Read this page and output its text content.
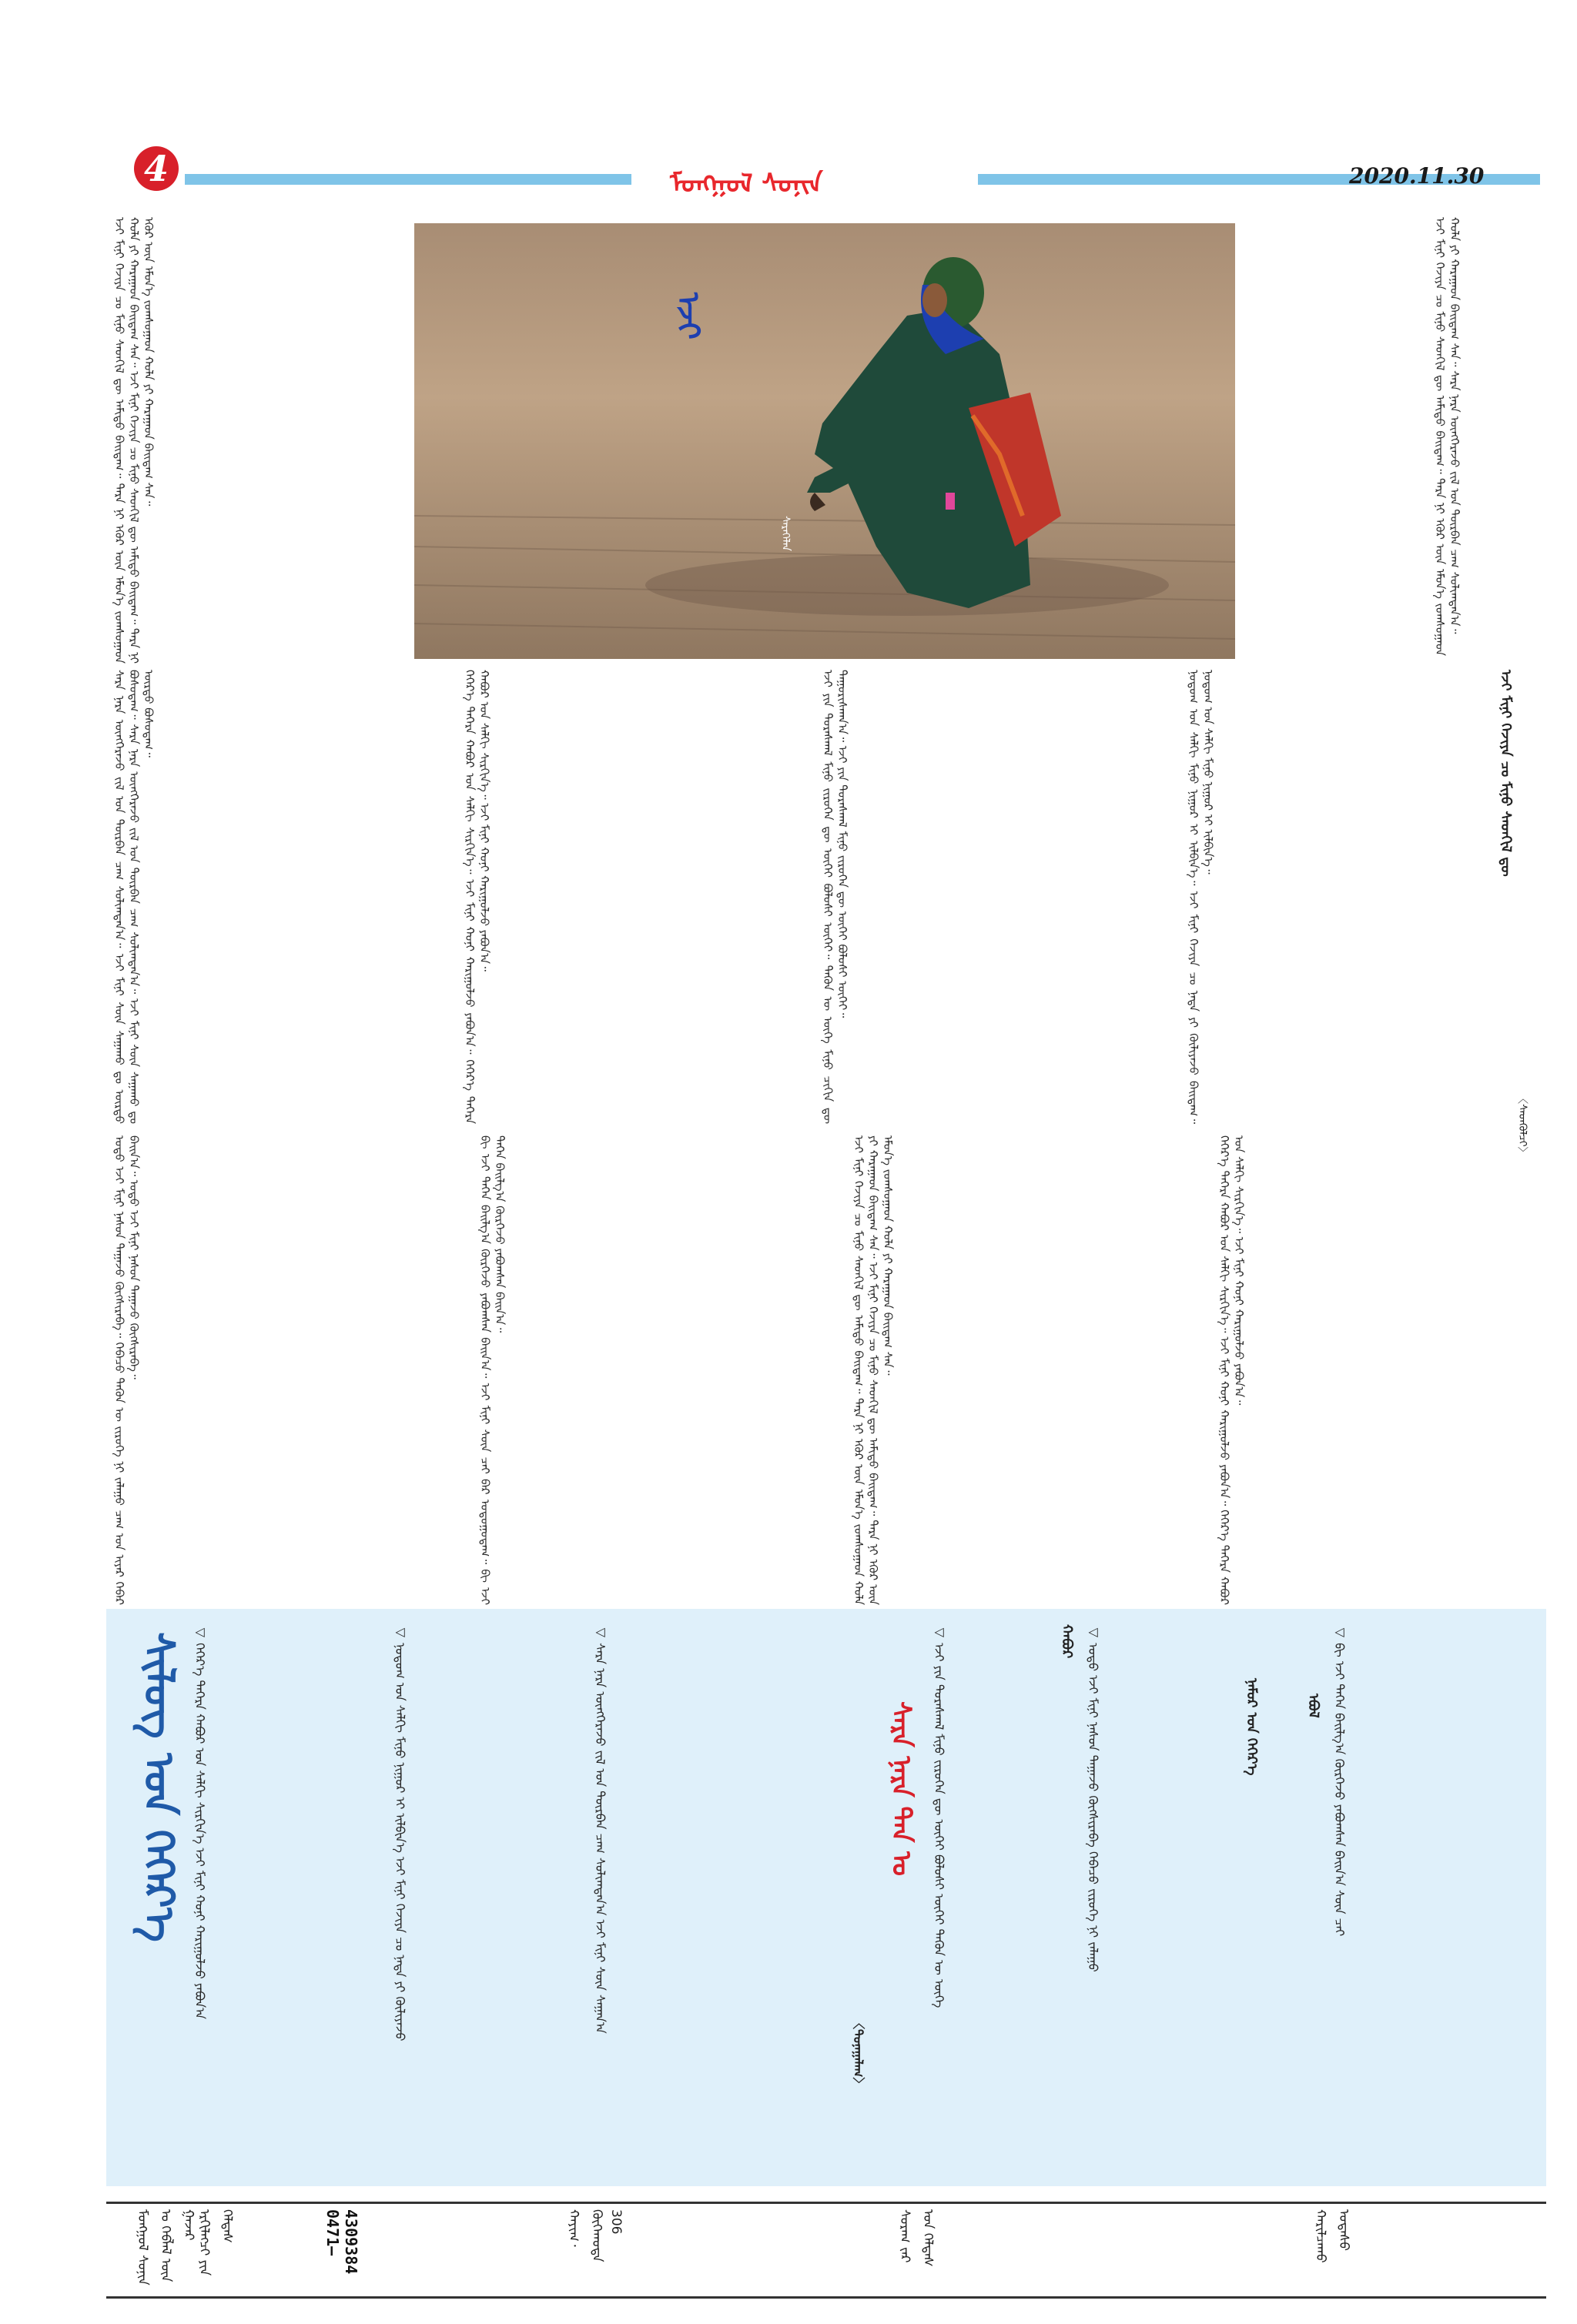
4	ᠮᠣᠩᠭᠣᠯ ᠰᠣᠨᠢᠨ	2020.11.30
ᠡᠵᠢ ᠮᠢᠨᠢ ᠬᠡᠵᠢᠶᠡ ᠴᠤ ᠮᠢᠨᠤ ᠰᠡᠳᠬᠢᠯ ᠳᠦ ᠠᠮᠢᠳᠤ ᠪᠠᠢᠳᠠᠭ᠃ ᠲᠡᠷᠡ ᠨᠢ ᠡᠭᠦᠷ ᠦᠨ ᠡᠮᠦᠨ᠎ᠡ ᠵᠣᠭᠰᠤᠭᠠᠳ ᠬᠣᠯᠠ ᠶᠢ ᠬᠠᠷᠠᠭᠠᠳ ᠪᠠᠢᠳᠠᠭ ᠰᠠᠨ᠃ ᠰᠠᠷᠠ ᠨᠠᠷᠠ ᠥᠨᠭᠭᠡᠷᠡᠵᠦ ᠵᠢᠯ ᠤᠨ ᠳᠥᠷᠪᠡᠨ ᠴᠠᠭ ᠰᠣᠯᠢᠭᠳᠠᠨ᠎ᠠ᠃
ᠡᠵᠢ
ᠰᠡᠷᠡᠭᠡᠯᠡᠨ
ᠡᠵᠢ ᠮᠢᠨᠢ ᠬᠡᠵᠢᠶᠡ ᠴᠤ ᠮᠢᠨᠤ ᠰᠡᠳᠬᠢᠯ ᠳᠦ ᠠᠮᠢᠳᠤ ᠪᠠᠢᠳᠠᠭ᠃ ᠲᠡᠷᠡ ᠨᠢ ᠡᠭᠦᠷ ᠦᠨ ᠡᠮᠦᠨ᠎ᠡ ᠵᠣᠭᠰᠤᠭᠠᠳ ᠬᠣᠯᠠ ᠶᠢ ᠬᠠᠷᠠᠭᠠᠳ ᠪᠠᠢᠳᠠᠭ ᠰᠠᠨ᠃ ᠡᠵᠢ ᠮᠢᠨᠢ ᠬᠡᠵᠢᠶᠡ ᠴᠤ ᠮᠢᠨᠤ ᠰᠡᠳᠬᠢᠯ ᠳᠦ ᠠᠮᠢᠳᠤ ᠪᠠᠢᠳᠠᠭ᠃ ᠲᠡᠷᠡ ᠨᠢ ᠡᠭᠦᠷ ᠦᠨ ᠡᠮᠦᠨ᠎ᠡ ᠵᠣᠭᠰᠤᠭᠠᠳ ᠬᠣᠯᠠ ᠶᠢ ᠬᠠᠷᠠᠭᠠᠳ ᠪᠠᠢᠳᠠᠭ ᠰᠠᠨ᠃
ᠰᠠᠷᠠ ᠨᠠᠷᠠ ᠥᠨᠭᠭᠡᠷᠡᠵᠦ ᠵᠢᠯ ᠤᠨ ᠳᠥᠷᠪᠡᠨ ᠴᠠᠭ ᠰᠣᠯᠢᠭᠳᠠᠨ᠎ᠠ᠃ ᠡᠵᠢ ᠮᠢᠨᠢ ᠰᠦᠨ ᠰᠠᠭᠠᠬᠤ ᠳᠤ ᠦᠷᠳᠦ ᠪᠤᠰᠤᠳᠠᠭ᠃ ᠰᠠᠷᠠ ᠨᠠᠷᠠ ᠥᠨᠭᠭᠡᠷᠡᠵᠦ ᠵᠢᠯ ᠤᠨ ᠳᠥᠷᠪᠡᠨ ᠴᠠᠭ ᠰᠣᠯᠢᠭᠳᠠᠨ᠎ᠠ᠃ ᠡᠵᠢ ᠮᠢᠨᠢ ᠰᠦᠨ ᠰᠠᠭᠠᠬᠤ ᠳᠤ ᠦᠷᠳᠦ ᠪᠤᠰᠤᠳᠠᠭ᠃	ᠬᠡᠭᠡᠷ᠎ᠡ ᠳᠡᠭᠡᠷᠡ ᠬᠠᠪᠤᠷ ᠤᠨ ᠰᠠᠯᠬᠢ ᠰᠢᠷᠭᠢᠨ᠎ᠡ᠃ ᠡᠵᠢ ᠮᠢᠨᠢ ᠬᠣᠨᠢ ᠬᠠᠷᠢᠭᠤᠯᠵᠤ ᠶᠠᠪᠤᠨ᠎ᠠ᠃ ᠬᠡᠭᠡᠷ᠎ᠡ ᠳᠡᠭᠡᠷᠡ ᠬᠠᠪᠤᠷ ᠤᠨ ᠰᠠᠯᠬᠢ ᠰᠢᠷᠭᠢᠨ᠎ᠡ᠃ ᠡᠵᠢ ᠮᠢᠨᠢ ᠬᠣᠨᠢ ᠬᠠᠷᠢᠭᠤᠯᠵᠤ ᠶᠠᠪᠤᠨ᠎ᠠ᠃	ᠡᠵᠢ ᠶᠢᠨ ᠳᠤᠷᠠᠰᠬᠠᠯ ᠮᠢᠨᠤ ᠵᠢᠷᠦᠬᠡᠨ ᠳᠦ ᠦᠭᠡᠢ ᠪᠣᠯᠤᠰᠢ ᠦᠭᠡᠢ᠃ ᠲᠡᠭᠦᠨ ᠦ ᠦᠭᠡ ᠮᠢᠨᠤ ᠴᠢᠬᠢᠨ ᠳᠦ ᠳᠠᠭᠤᠷᠢᠰᠬᠠᠨ᠎ᠠ᠃ ᠡᠵᠢ ᠶᠢᠨ ᠳᠤᠷᠠᠰᠬᠠᠯ ᠮᠢᠨᠤ ᠵᠢᠷᠦᠬᠡᠨ ᠳᠦ ᠦᠭᠡᠢ ᠪᠣᠯᠤᠰᠢ ᠦᠭᠡᠢ᠃	ᠨᠤᠲᠤᠭ ᠤᠨ ᠰᠠᠯᠬᠢ ᠮᠢᠨᠤ ᠨᠢᠭᠤᠷ ᠢ ᠢᠯᠪᠢᠨ᠎ᠡ᠃ ᠡᠵᠢ ᠮᠢᠨᠢ ᠬᠡᠵᠢᠶᠡ ᠴᠤ ᠨᠠᠳᠠ ᠶᠢ ᠬᠦᠯᠢᠶᠡᠵᠦ ᠪᠠᠢᠳᠠᠭ᠃ ᠨᠤᠲᠤᠭ ᠤᠨ ᠰᠠᠯᠬᠢ ᠮᠢᠨᠤ ᠨᠢᠭᠤᠷ ᠢ ᠢᠯᠪᠢᠨ᠎ᠡ᠃	ᠡᠵᠢ ᠮᠢᠨᠢ ᠬᠡᠵᠢᠶᠡ ᠴᠤ ᠮᠢᠨᠤ ᠰᠡᠳᠬᠢᠯ ᠳᠦ
〈ᠰᠡᠳᠬᠦᠯᠴᠢ〉
ᠣᠳᠣ ᠡᠵᠢ ᠮᠢᠨᠢ ᠨᠠᠰᠤᠨ ᠳᠠᠭᠠᠵᠤ ᠬᠥᠭᠰᠢᠷᠡᠪᠡ᠃ ᠭᠡᠪᠡᠴᠦ ᠲᠡᠭᠦᠨ ᠦ ᠵᠢᠷᠦᠬᠡ ᠨᠢ ᠵᠠᠯᠠᠭᠤ ᠴᠠᠭ ᠤᠨ ᠢᠶᠠᠷ ᠬᠡᠪᠡᠷ ᠪᠠᠢᠨ᠎ᠠ᠃ ᠣᠳᠣ ᠡᠵᠢ ᠮᠢᠨᠢ ᠨᠠᠰᠤᠨ ᠳᠠᠭᠠᠵᠤ ᠬᠥᠭᠰᠢᠷᠡᠪᠡ᠃	ᠪᠢ ᠡᠵᠢ ᠳᠡᠭᠡᠨ ᠪᠠᠢᠯᠭ᠎ᠠ ᠬᠦᠷᠭᠡᠵᠦ ᠶᠠᠪᠤᠭᠰᠠᠨ ᠪᠠᠢᠨ᠎ᠠ᠃ ᠡᠵᠢ ᠮᠢᠨᠢ ᠰᠦᠨ ᠴᠠᠢ ᠪᠠᠷ ᠤᠳᠤᠭᠤᠳᠠᠭ᠃ ᠪᠢ ᠡᠵᠢ ᠳᠡᠭᠡᠨ ᠪᠠᠢᠯᠭ᠎ᠠ ᠬᠦᠷᠭᠡᠵᠦ ᠶᠠᠪᠤᠭᠰᠠᠨ ᠪᠠᠢᠨ᠎ᠠ᠃	ᠡᠵᠢ ᠮᠢᠨᠢ ᠬᠡᠵᠢᠶᠡ ᠴᠤ ᠮᠢᠨᠤ ᠰᠡᠳᠬᠢᠯ ᠳᠦ ᠠᠮᠢᠳᠤ ᠪᠠᠢᠳᠠᠭ᠃ ᠲᠡᠷᠡ ᠨᠢ ᠡᠭᠦᠷ ᠦᠨ ᠡᠮᠦᠨ᠎ᠡ ᠵᠣᠭᠰᠤᠭᠠᠳ ᠬᠣᠯᠠ ᠶᠢ ᠬᠠᠷᠠᠭᠠᠳ ᠪᠠᠢᠳᠠᠭ ᠰᠠᠨ᠃ ᠡᠵᠢ ᠮᠢᠨᠢ ᠬᠡᠵᠢᠶᠡ ᠴᠤ ᠮᠢᠨᠤ ᠰᠡᠳᠬᠢᠯ ᠳᠦ ᠠᠮᠢᠳᠤ ᠪᠠᠢᠳᠠᠭ᠃ ᠲᠡᠷᠡ ᠨᠢ ᠡᠭᠦᠷ ᠦᠨ ᠡᠮᠦᠨ᠎ᠡ ᠵᠣᠭᠰᠤᠭᠠᠳ ᠬᠣᠯᠠ ᠶᠢ ᠬᠠᠷᠠᠭᠠᠳ ᠪᠠᠢᠳᠠᠭ ᠰᠠᠨ᠃	ᠬᠡᠭᠡᠷ᠎ᠡ ᠳᠡᠭᠡᠷᠡ ᠬᠠᠪᠤᠷ ᠤᠨ ᠰᠠᠯᠬᠢ ᠰᠢᠷᠭᠢᠨ᠎ᠡ᠃ ᠡᠵᠢ ᠮᠢᠨᠢ ᠬᠣᠨᠢ ᠬᠠᠷᠢᠭᠤᠯᠵᠤ ᠶᠠᠪᠤᠨ᠎ᠠ᠃ ᠬᠡᠭᠡᠷ᠎ᠡ ᠳᠡᠭᠡᠷᠡ ᠬᠠᠪᠤᠷ ᠤᠨ ᠰᠠᠯᠬᠢ ᠰᠢᠷᠭᠢᠨ᠎ᠡ᠃ ᠡᠵᠢ ᠮᠢᠨᠢ ᠬᠣᠨᠢ ᠬᠠᠷᠢᠭᠤᠯᠵᠤ ᠶᠠᠪᠤᠨ᠎ᠠ᠃
ᠰᠢᠯᠦᠭ ᠤᠨ ᠬᠡᠭᠡᠷ᠎ᠡ ◁ ᠬᠡᠭᠡᠷ᠎ᠡ ᠳᠡᠭᠡᠷᠡ ᠬᠠᠪᠤᠷ ᠤᠨ ᠰᠠᠯᠬᠢ ᠰᠢᠷᠭᠢᠨ᠎ᠡ ᠡᠵᠢ ᠮᠢᠨᠢ ᠬᠣᠨᠢ ᠬᠠᠷᠢᠭᠤᠯᠵᠤ ᠶᠠᠪᠤᠨ᠎ᠠ	◁ ᠨᠤᠲᠤᠭ ᠤᠨ ᠰᠠᠯᠬᠢ ᠮᠢᠨᠤ ᠨᠢᠭᠤᠷ ᠢ ᠢᠯᠪᠢᠨ᠎ᠡ ᠡᠵᠢ ᠮᠢᠨᠢ ᠬᠡᠵᠢᠶᠡ ᠴᠤ ᠨᠠᠳᠠ ᠶᠢ ᠬᠦᠯᠢᠶᠡᠵᠦ	◁ ᠰᠠᠷᠠ ᠨᠠᠷᠠ ᠥᠨᠭᠭᠡᠷᠡᠵᠦ ᠵᠢᠯ ᠤᠨ ᠳᠥᠷᠪᠡᠨ ᠴᠠᠭ ᠰᠣᠯᠢᠭᠳᠠᠨ᠎ᠠ ᠡᠵᠢ ᠮᠢᠨᠢ ᠰᠦᠨ ᠰᠠᠭᠠᠨ᠎ᠠ	ᠰᠠᠷᠠ ᠨᠠᠷᠠ ᠲᠠᠨ ᠤ
〈ᠲᠤᠨᠠᠭᠠᠯᠠᠭ〉
◁ ᠡᠵᠢ ᠶᠢᠨ ᠳᠤᠷᠠᠰᠬᠠᠯ ᠮᠢᠨᠤ ᠵᠢᠷᠦᠬᠡᠨ ᠳᠦ ᠦᠭᠡᠢ ᠪᠣᠯᠤᠰᠢ ᠦᠭᠡᠢ ᠲᠡᠭᠦᠨ ᠦ ᠦᠭᠡ	ᠬᠠᠪᠤᠷ ◁ ᠣᠳᠣ ᠡᠵᠢ ᠮᠢᠨᠢ ᠨᠠᠰᠤᠨ ᠳᠠᠭᠠᠵᠤ ᠬᠥᠭᠰᠢᠷᠡᠪᠡ ᠭᠡᠪᠡᠴᠦ ᠵᠢᠷᠦᠬᠡ ᠨᠢ ᠵᠠᠯᠠᠭᠤ	ᠨᠠᠮᠤᠷ ᠤᠨ ᠬᠡᠭᠡᠷ᠎ᠡ	ᠡᠪᠦᠯ ◁ ᠪᠢ ᠡᠵᠢ ᠳᠡᠭᠡᠨ ᠪᠠᠢᠯᠭ᠎ᠠ ᠬᠦᠷᠭᠡᠵᠦ ᠶᠠᠪᠤᠭᠰᠠᠨ ᠪᠠᠢᠨ᠎ᠠ ᠰᠦᠨ ᠴᠠᠢ
ᠮᠣᠩᠭᠣᠯ ᠰᠣᠨᠢᠨ ᠤ ᠬᠡᠪᠯᠡᠯ ᠦᠨ ᠭᠠᠵᠠᠷ ᠡᠷᠬᠢᠯᠡᠭᠴᠢ ᠶᠢᠨ ᠬᠡᠯᠳᠡᠰ	0471— 4309384	ᠬᠠᠶᠢᠭ᠂ ᠬᠥᠬᠡᠬᠣᠲᠠ 306	ᠰᠤᠷᠠᠭ ᠵᠠᠷ ᠤᠨ ᠬᠡᠯᠳᠡᠰ	ᠬᠠᠷᠢᠯᠴᠠᠬᠤ ᠤᠲᠠᠰᠤ
